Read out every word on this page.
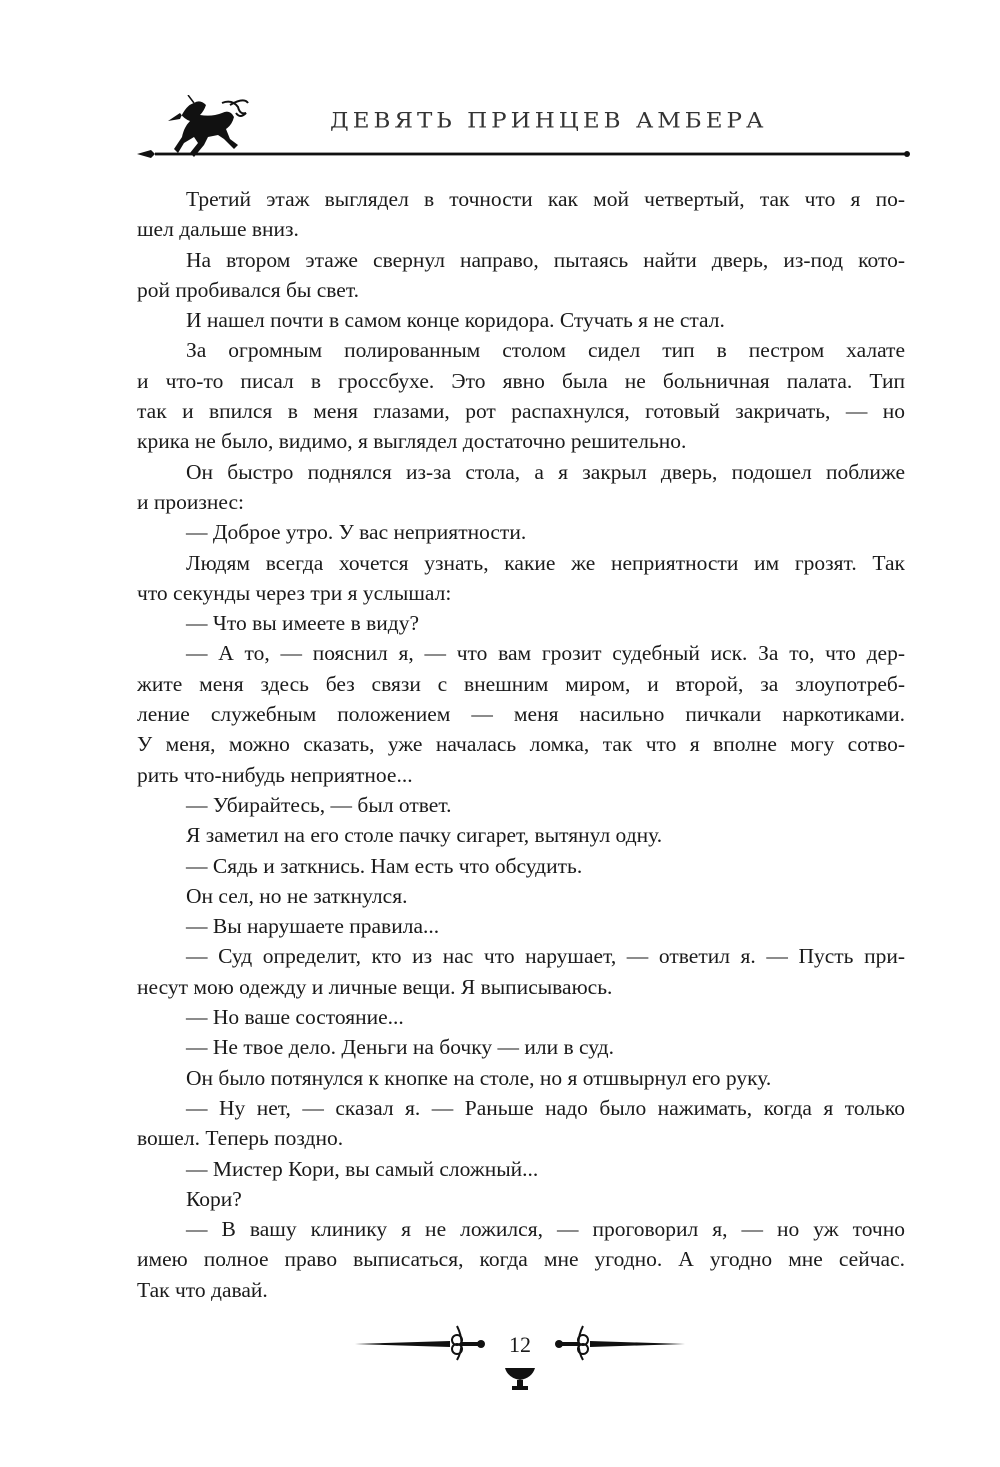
ДЕВЯТЬ ПРИНЦЕВ АМБЕРА
Третий этаж выглядел в точности как мой четвертый, так что я по-
шел дальше вниз.
На втором этаже свернул направо, пытаясь найти дверь, из-под кото-
рой пробивался бы свет.
И нашел почти в самом конце коридора. Стучать я не стал.
За огромным полированным столом сидел тип в пестром халате
и что-то писал в гроссбухе. Это явно была не больничная палата. Тип
так и впился в меня глазами, рот распахнулся, готовый закричать, — но
крика не было, видимо, я выглядел достаточно решительно.
Он быстро поднялся из-за стола, а я закрыл дверь, подошел поближе
и произнес:
— Доброе утро. У вас неприятности.
Людям всегда хочется узнать, какие же неприятности им грозят. Так
что секунды через три я услышал:
— Что вы имеете в виду?
— А то, — пояснил я, — что вам грозит судебный иск. За то, что дер-
жите меня здесь без связи с внешним миром, и второй, за злоупотреб-
ление служебным положением — меня насильно пичкали наркотиками.
У меня, можно сказать, уже началась ломка, так что я вполне могу сотво-
рить что-нибудь неприятное...
— Убирайтесь, — был ответ.
Я заметил на его столе пачку сигарет, вытянул одну.
— Сядь и заткнись. Нам есть что обсудить.
Он сел, но не заткнулся.
— Вы нарушаете правила...
— Суд определит, кто из нас что нарушает, — ответил я. — Пусть при-
несут мою одежду и личные вещи. Я выписываюсь.
— Но ваше состояние...
— Не твое дело. Деньги на бочку — или в суд.
Он было потянулся к кнопке на столе, но я отшвырнул его руку.
— Ну нет, — сказал я. — Раньше надо было нажимать, когда я только
вошел. Теперь поздно.
— Мистер Кори, вы самый сложный...
Кори?
— В вашу клинику я не ложился, — проговорил я, — но уж точно
имею полное право выписаться, когда мне угодно. А угодно мне сейчас.
Так что давай.
12
